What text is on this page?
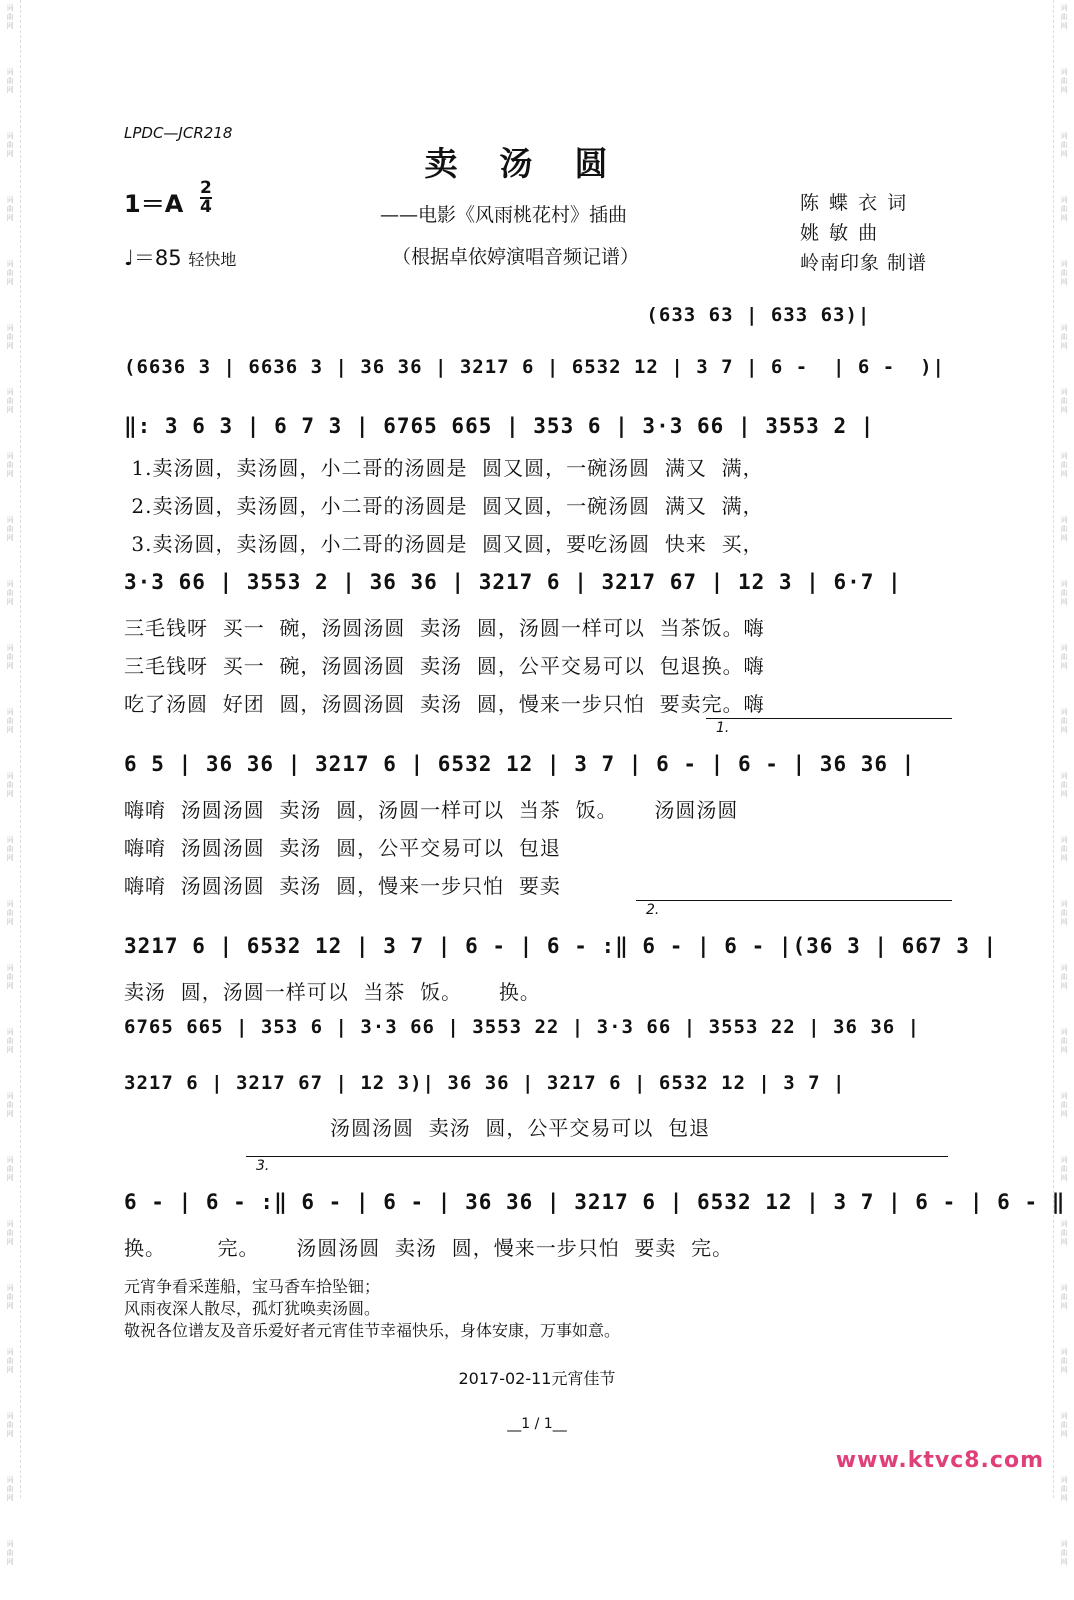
词
曲
网
词
曲
网
词
曲
网
词
曲
网
词
曲
网
词
曲
网
词
曲
网
词
曲
网
词
曲
网
词
曲
网
词
曲
网
词
曲
网
词
曲
网
词
曲
网
词
曲
网
词
曲
网
词
曲
网
词
曲
网
词
曲
网
词
曲
网
词
曲
网
词
曲
网
词
曲
网
词
曲
网
词
曲
网
词
曲
网
词
曲
网
词
曲
网
词
曲
网
词
曲
网
词
曲
网
词
曲
网
词
曲
网
词
曲
网
词
曲
网
词
曲
网
词
曲
网
词
曲
网
词
曲
网
词
曲
网
词
曲
网
词
曲
网
词
曲
网
词
曲
网
词
曲
网
词
曲
网
词
曲
网
词
曲
网
词
曲
网
词
曲
网
LPDC—JCR218
卖汤圆
$1=A \frac{2}{4}$
♩＝85 轻快地
——电影《风雨桃花村》插曲
（根据卓依婷演唱音频记谱）
陈 蝶 衣 词
姚 敏 曲
岭南印象 制谱
(633 63 | 633 63)|
(6636 3 | 6636 3 | 36 36 | 3217 6 | 6532 12 | 3 7 | 6 -  | 6 -  )|
‖: 3 6 3 | 6 7 3 | 6765 665 | 353 6 | 3·3 66 | 3553 2 |
1.卖汤圆，卖汤圆，小二哥的汤圆是  圆又圆，一碗汤圆  满又  满，
2.卖汤圆，卖汤圆，小二哥的汤圆是  圆又圆，一碗汤圆  满又  满，
3.卖汤圆，卖汤圆，小二哥的汤圆是  圆又圆，要吃汤圆  快来  买，
3·3 66 | 3553 2 | 36 36 | 3217 6 | 3217 67 | 12 3 | 6·7 |
三毛钱呀  买一  碗，汤圆汤圆  卖汤  圆，汤圆一样可以  当茶饭。嗨
三毛钱呀  买一  碗，汤圆汤圆  卖汤  圆，公平交易可以  包退换。嗨
吃了汤圆  好团  圆，汤圆汤圆  卖汤  圆，慢来一步只怕  要卖完。嗨
1.
6 5 | 36 36 | 3217 6 | 6532 12 | 3 7 | 6 - | 6 - | 36 36 |
嗨唷  汤圆汤圆  卖汤  圆，汤圆一样可以  当茶  饭。     汤圆汤圆
嗨唷  汤圆汤圆  卖汤  圆，公平交易可以  包退
嗨唷  汤圆汤圆  卖汤  圆，慢来一步只怕  要卖
2.
3217 6 | 6532 12 | 3 7 | 6 - | 6 - :‖ 6 - | 6 - |(36 3 | 667 3 |
卖汤  圆，汤圆一样可以  当茶  饭。     换。
6765 665 | 353 6 | 3·3 66 | 3553 22 | 3·3 66 | 3553 22 | 36 36 |
3217 6 | 3217 67 | 12 3)| 36 36 | 3217 6 | 6532 12 | 3 7 |
汤圆汤圆  卖汤  圆，公平交易可以  包退
3.
6 - | 6 - :‖ 6 - | 6 - | 36 36 | 3217 6 | 6532 12 | 3 7 | 6 - | 6 - ‖
换。       完。     汤圆汤圆  卖汤  圆，慢来一步只怕  要卖  完。
元宵争看采莲船，宝马香车拾坠钿；
风雨夜深人散尽，孤灯犹唤卖汤圆。
敬祝各位谱友及音乐爱好者元宵佳节幸福快乐，身体安康，万事如意。
2017-02-11元宵佳节
__1 / 1__
www.ktvc8.com
